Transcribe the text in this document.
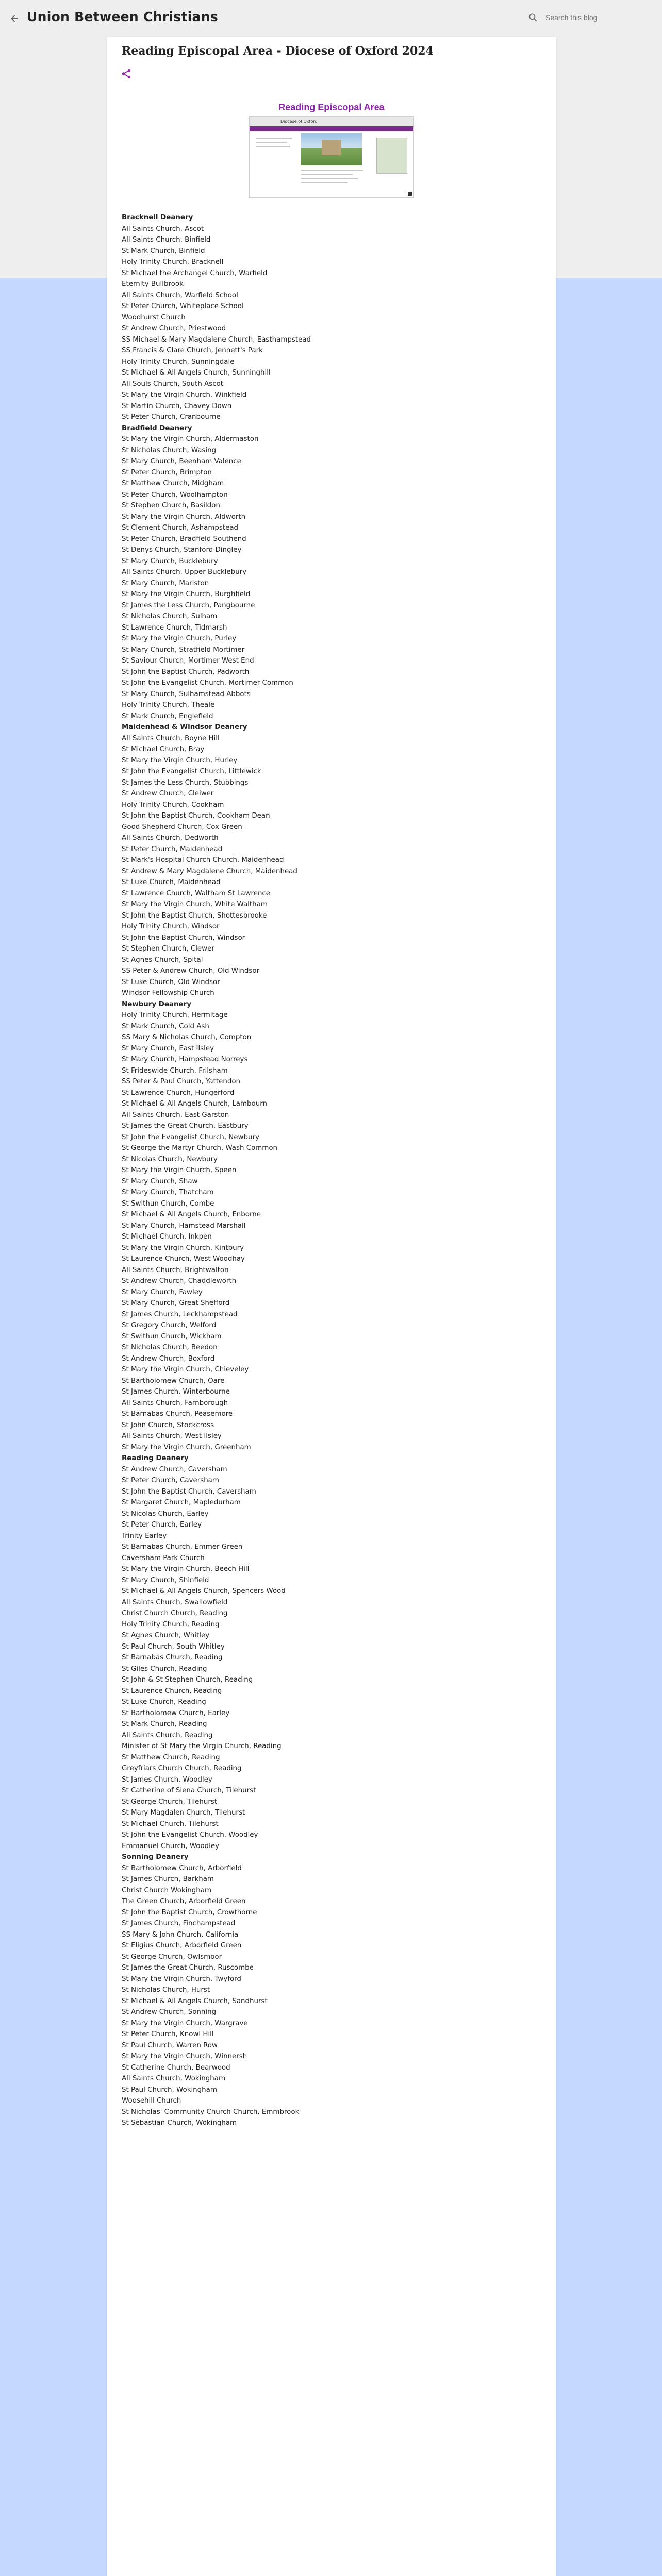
Union Between Christians
Search this blog
Reading Episcopal Area - Diocese of Oxford 2024
Reading Episcopal Area
Diocese of Oxford
Bracknell Deanery
All Saints Church, Ascot
All Saints Church, Binfield
St Mark Church, Binfield
Holy Trinity Church, Bracknell
St Michael the Archangel Church, Warfield
Eternity Bullbrook
All Saints Church, Warfield School
St Peter Church, Whiteplace School
Woodhurst Church
St Andrew Church, Priestwood
SS Michael & Mary Magdalene Church, Easthampstead
SS Francis & Clare Church, Jennett's Park
Holy Trinity Church, Sunningdale
St Michael & All Angels Church, Sunninghill
All Souls Church, South Ascot
St Mary the Virgin Church, Winkfield
St Martin Church, Chavey Down
St Peter Church, Cranbourne
Bradfield Deanery
St Mary the Virgin Church, Aldermaston
St Nicholas Church, Wasing
St Mary Church, Beenham Valence
St Peter Church, Brimpton
St Matthew Church, Midgham
St Peter Church, Woolhampton
St Stephen Church, Basildon
St Mary the Virgin Church, Aldworth
St Clement Church, Ashampstead
St Peter Church, Bradfield Southend
St Denys Church, Stanford Dingley
St Mary Church, Bucklebury
All Saints Church, Upper Bucklebury
St Mary Church, Marlston
St Mary the Virgin Church, Burghfield
St James the Less Church, Pangbourne
St Nicholas Church, Sulham
St Lawrence Church, Tidmarsh
St Mary the Virgin Church, Purley
St Mary Church, Stratfield Mortimer
St Saviour Church, Mortimer West End
St John the Baptist Church, Padworth
St John the Evangelist Church, Mortimer Common
St Mary Church, Sulhamstead Abbots
Holy Trinity Church, Theale
St Mark Church, Englefield
Maidenhead & Windsor Deanery
All Saints Church, Boyne Hill
St Michael Church, Bray
St Mary the Virgin Church, Hurley
St John the Evangelist Church, Littlewick
St James the Less Church, Stubbings
St Andrew Church, Cleiwer
Holy Trinity Church, Cookham
St John the Baptist Church, Cookham Dean
Good Shepherd Church, Cox Green
All Saints Church, Dedworth
St Peter Church, Maidenhead
St Mark's Hospital Church Church, Maidenhead
St Andrew & Mary Magdalene Church, Maidenhead
St Luke Church, Maidenhead
St Lawrence Church, Waltham St Lawrence
St Mary the Virgin Church, White Waltham
St John the Baptist Church, Shottesbrooke
Holy Trinity Church, Windsor
St John the Baptist Church, Windsor
St Stephen Church, Clewer
St Agnes Church, Spital
SS Peter & Andrew Church, Old Windsor
St Luke Church, Old Windsor
Windsor Fellowship Church
Newbury Deanery
Holy Trinity Church, Hermitage
St Mark Church, Cold Ash
SS Mary & Nicholas Church, Compton
St Mary Church, East Ilsley
St Mary Church, Hampstead Norreys
St Frideswide Church, Frilsham
SS Peter & Paul Church, Yattendon
St Lawrence Church, Hungerford
St Michael & All Angels Church, Lambourn
All Saints Church, East Garston
St James the Great Church, Eastbury
St John the Evangelist Church, Newbury
St George the Martyr Church, Wash Common
St Nicolas Church, Newbury
St Mary the Virgin Church, Speen
St Mary Church, Shaw
St Mary Church, Thatcham
St Swithun Church, Combe
St Michael & All Angels Church, Enborne
St Mary Church, Hamstead Marshall
St Michael Church, Inkpen
St Mary the Virgin Church, Kintbury
St Laurence Church, West Woodhay
All Saints Church, Brightwalton
St Andrew Church, Chaddleworth
St Mary Church, Fawley
St Mary Church, Great Shefford
St James Church, Leckhampstead
St Gregory Church, Welford
St Swithun Church, Wickham
St Nicholas Church, Beedon
St Andrew Church, Boxford
St Mary the Virgin Church, Chieveley
St Bartholomew Church, Oare
St James Church, Winterbourne
All Saints Church, Farnborough
St Barnabas Church, Peasemore
St John Church, Stockcross
All Saints Church, West Ilsley
St Mary the Virgin Church, Greenham
Reading Deanery
St Andrew Church, Caversham
St Peter Church, Caversham
St John the Baptist Church, Caversham
St Margaret Church, Mapledurham
St Nicolas Church, Earley
St Peter Church, Earley
Trinity Earley
St Barnabas Church, Emmer Green
Caversham Park Church
St Mary the Virgin Church, Beech Hill
St Mary Church, Shinfield
St Michael & All Angels Church, Spencers Wood
All Saints Church, Swallowfield
Christ Church Church, Reading
Holy Trinity Church, Reading
St Agnes Church, Whitley
St Paul Church, South Whitley
St Barnabas Church, Reading
St Giles Church, Reading
St John & St Stephen Church, Reading
St Laurence Church, Reading
St Luke Church, Reading
St Bartholomew Church, Earley
St Mark Church, Reading
All Saints Church, Reading
Minister of St Mary the Virgin Church, Reading
St Matthew Church, Reading
Greyfriars Church Church, Reading
St James Church, Woodley
St Catherine of Siena Church, Tilehurst
St George Church, Tilehurst
St Mary Magdalen Church, Tilehurst
St Michael Church, Tilehurst
St John the Evangelist Church, Woodley
Emmanuel Church, Woodley
Sonning Deanery
St Bartholomew Church, Arborfield
St James Church, Barkham
Christ Church Wokingham
The Green Church, Arborfield Green
St John the Baptist Church, Crowthorne
St James Church, Finchampstead
SS Mary & John Church, California
St Eligius Church, Arborfield Green
St George Church, Owlsmoor
St James the Great Church, Ruscombe
St Mary the Virgin Church, Twyford
St Nicholas Church, Hurst
St Michael & All Angels Church, Sandhurst
St Andrew Church, Sonning
St Mary the Virgin Church, Wargrave
St Peter Church, Knowl Hill
St Paul Church, Warren Row
St Mary the Virgin Church, Winnersh
St Catherine Church, Bearwood
All Saints Church, Wokingham
St Paul Church, Wokingham
Woosehill Church
St Nicholas' Community Church Church, Emmbrook
St Sebastian Church, Wokingham
